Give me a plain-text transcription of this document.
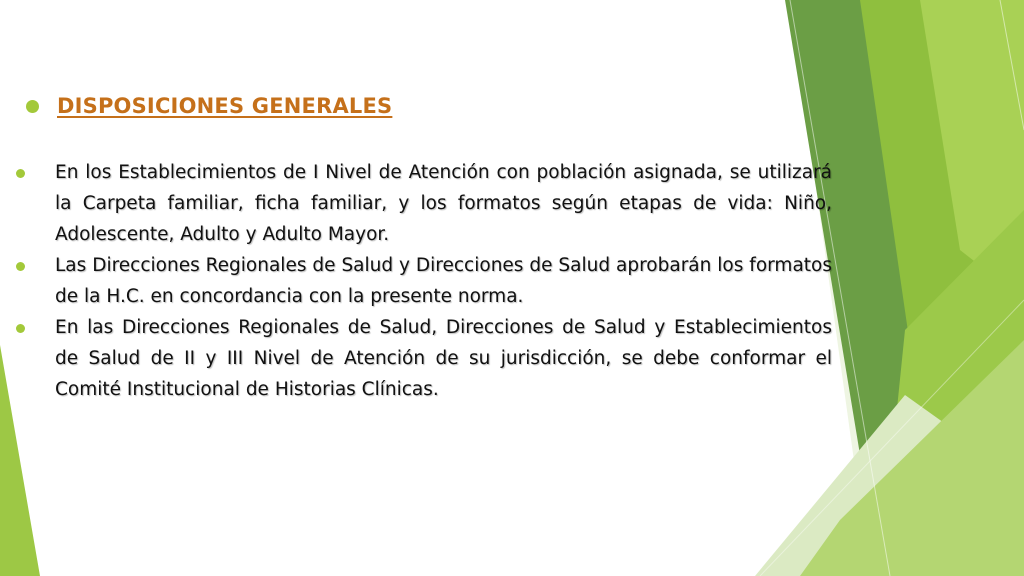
DISPOSICIONES GENERALES
En los Establecimientos de I Nivel de Atención con población asignada, se utilizará la Carpeta familiar, ficha familiar, y los formatos según etapas de vida: Niño, Adolescente, Adulto y Adulto Mayor.
Las Direcciones Regionales de Salud y Direcciones de Salud aprobarán los formatos de la H.C. en concordancia con la presente norma.
En las Direcciones Regionales de Salud, Direcciones de Salud y Establecimientos de Salud de II y III Nivel de Atención de su jurisdicción, se debe conformar el Comité Institucional de Historias Clínicas.
